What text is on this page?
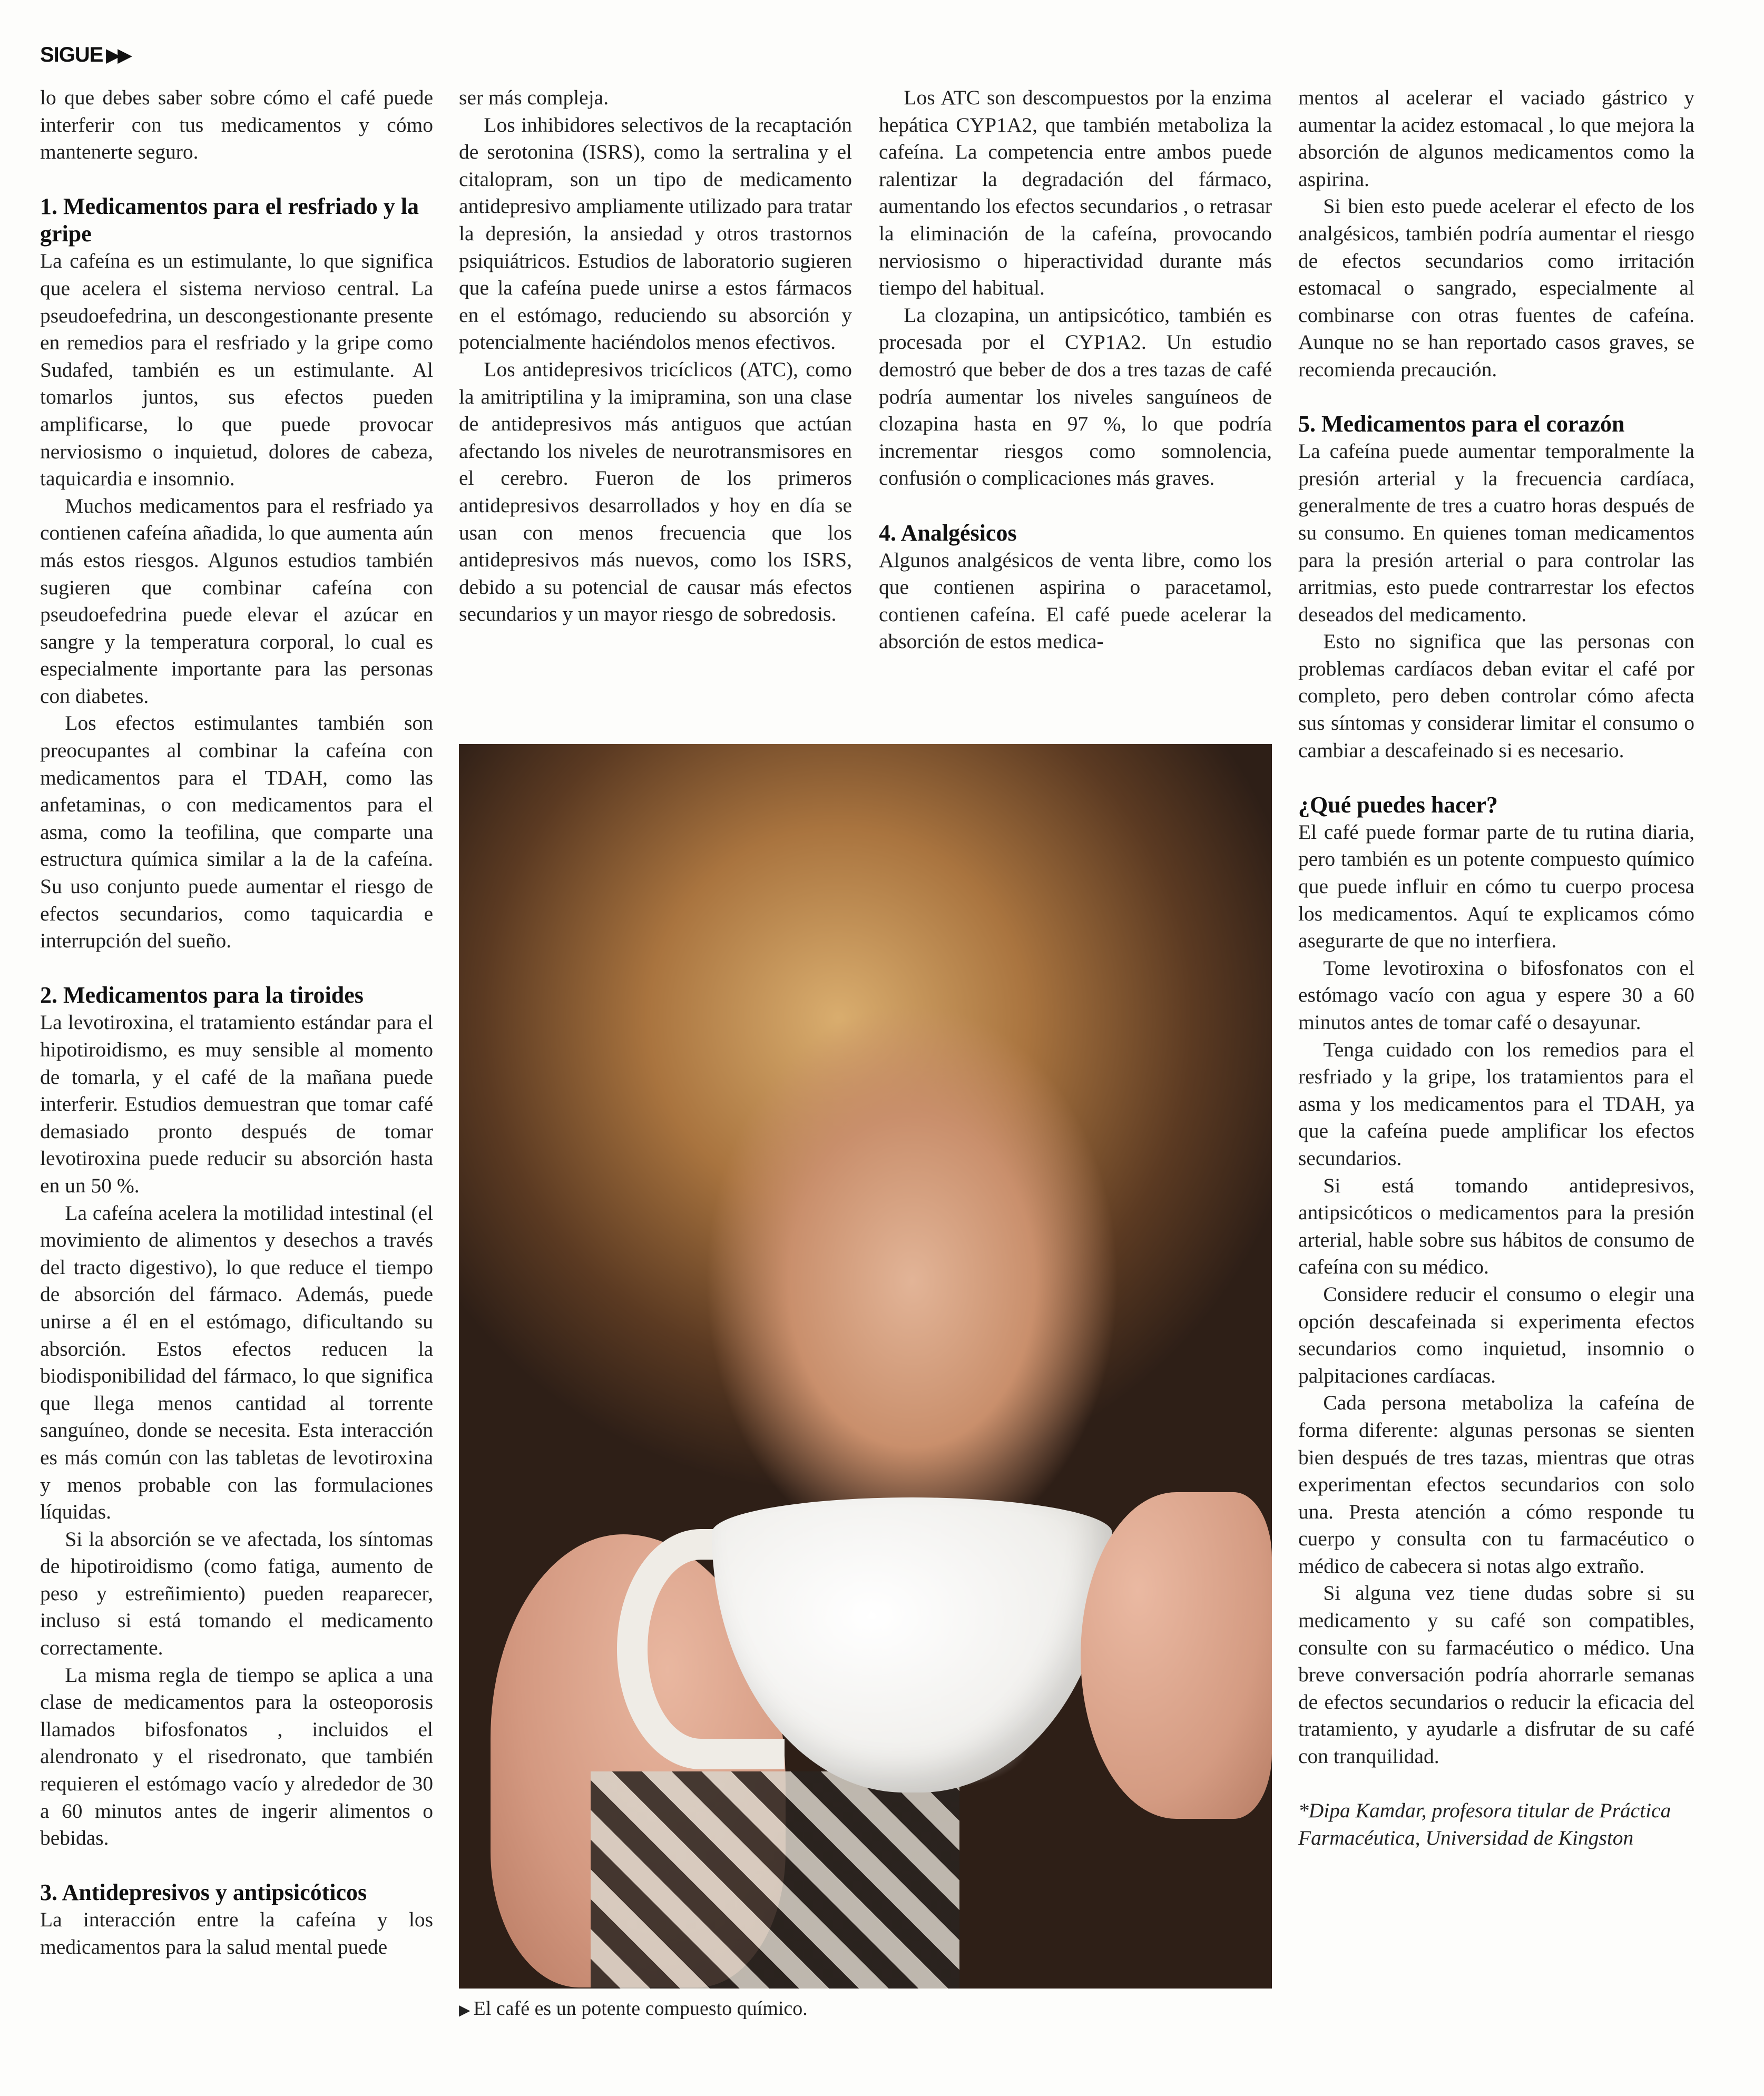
SIGUE ▶▶

lo que debes saber sobre cómo el café puede interferir con tus medicamentos y cómo mantenerte seguro.

1. Medicamentos para el resfriado y la gripe

La cafeína es un estimulante, lo que significa que acelera el sistema nervioso central. La pseudoefedrina, un descongestionante presente en remedios para el resfriado y la gripe como Sudafed, también es un estimulante. Al tomarlos juntos, sus efectos pueden amplificarse, lo que puede provocar nerviosismo o inquietud, dolores de cabeza, taquicardia e insomnio.

Muchos medicamentos para el resfriado ya contienen cafeína añadida, lo que aumenta aún más estos riesgos. Algunos estudios también sugieren que combinar cafeína con pseudoefedrina puede elevar el azúcar en sangre y la temperatura corporal, lo cual es especialmente importante para las personas con diabetes.

Los efectos estimulantes también son preocupantes al combinar la cafeína con medicamentos para el TDAH, como las anfetaminas, o con medicamentos para el asma, como la teofilina, que comparte una estructura química similar a la de la cafeína. Su uso conjunto puede aumentar el riesgo de efectos secundarios, como taquicardia e interrupción del sueño.

2. Medicamentos para la tiroides

La levotiroxina, el tratamiento estándar para el hipotiroidismo, es muy sensible al momento de tomarla, y el café de la mañana puede interferir. Estudios demuestran que tomar café demasiado pronto después de tomar levotiroxina puede reducir su absorción hasta en un 50 %.

La cafeína acelera la motilidad intestinal (el movimiento de alimentos y desechos a través del tracto digestivo), lo que reduce el tiempo de absorción del fármaco. Además, puede unirse a él en el estómago, dificultando su absorción. Estos efectos reducen la biodisponibilidad del fármaco, lo que significa que llega menos cantidad al torrente sanguíneo, donde se necesita. Esta interacción es más común con las tabletas de levotiroxina y menos probable con las formulaciones líquidas.

Si la absorción se ve afectada, los síntomas de hipotiroidismo (como fatiga, aumento de peso y estreñimiento) pueden reaparecer, incluso si está tomando el medicamento correctamente.

La misma regla de tiempo se aplica a una clase de medicamentos para la osteoporosis llamados bifosfonatos , incluidos el alendronato y el risedronato, que también requieren el estómago vacío y alrededor de 30 a 60 minutos antes de ingerir alimentos o bebidas.

3. Antidepresivos y antipsicóticos

La interacción entre la cafeína y los medicamentos para la salud mental puede

ser más compleja.

Los inhibidores selectivos de la recaptación de serotonina (ISRS), como la sertralina y el citalopram, son un tipo de medicamento antidepresivo ampliamente utilizado para tratar la depresión, la ansiedad y otros trastornos psiquiátricos. Estudios de laboratorio sugieren que la cafeína puede unirse a estos fármacos en el estómago, reduciendo su absorción y potencialmente haciéndolos menos efectivos.

Los antidepresivos tricíclicos (ATC), como la amitriptilina y la imipramina, son una clase de antidepresivos más antiguos que actúan afectando los niveles de neurotransmisores en el cerebro. Fueron de los primeros antidepresivos desarrollados y hoy en día se usan con menos frecuencia que los antidepresivos más nuevos, como los ISRS, debido a su potencial de causar más efectos secundarios y un mayor riesgo de sobredosis.

Los ATC son descompuestos por la enzima hepática CYP1A2, que también metaboliza la cafeína. La competencia entre ambos puede ralentizar la degradación del fármaco, aumentando los efectos secundarios , o retrasar la eliminación de la cafeína, provocando nerviosismo o hiperactividad durante más tiempo del habitual.

La clozapina, un antipsicótico, también es procesada por el CYP1A2. Un estudio demostró que beber de dos a tres tazas de café podría aumentar los niveles sanguíneos de clozapina hasta en 97 %, lo que podría incrementar riesgos como somnolencia, confusión o complicaciones más graves.

4. Analgésicos

Algunos analgésicos de venta libre, como los que contienen aspirina o paracetamol, contienen cafeína. El café puede acelerar la absorción de estos medica-

mentos al acelerar el vaciado gástrico y aumentar la acidez estomacal , lo que mejora la absorción de algunos medicamentos como la aspirina.

Si bien esto puede acelerar el efecto de los analgésicos, también podría aumentar el riesgo de efectos secundarios como irritación estomacal o sangrado, especialmente al combinarse con otras fuentes de cafeína. Aunque no se han reportado casos graves, se recomienda precaución.

5. Medicamentos para el corazón

La cafeína puede aumentar temporalmente la presión arterial y la frecuencia cardíaca, generalmente de tres a cuatro horas después de su consumo. En quienes toman medicamentos para la presión arterial o para controlar las arritmias, esto puede contrarrestar los efectos deseados del medicamento.

Esto no significa que las personas con problemas cardíacos deban evitar el café por completo, pero deben controlar cómo afecta sus síntomas y considerar limitar el consumo o cambiar a descafeinado si es necesario.

¿Qué puedes hacer?

El café puede formar parte de tu rutina diaria, pero también es un potente compuesto químico que puede influir en cómo tu cuerpo procesa los medicamentos. Aquí te explicamos cómo asegurarte de que no interfiera.

Tome levotiroxina o bifosfonatos con el estómago vacío con agua y espere 30 a 60 minutos antes de tomar café o desayunar.

Tenga cuidado con los remedios para el resfriado y la gripe, los tratamientos para el asma y los medicamentos para el TDAH, ya que la cafeína puede amplificar los efectos secundarios.

Si está tomando antidepresivos, antipsicóticos o medicamentos para la presión arterial, hable sobre sus hábitos de consumo de cafeína con su médico.

Considere reducir el consumo o elegir una opción descafeinada si experimenta efectos secundarios como inquietud, insomnio o palpitaciones cardíacas.

Cada persona metaboliza la cafeína de forma diferente: algunas personas se sienten bien después de tres tazas, mientras que otras experimentan efectos secundarios con solo una. Presta atención a cómo responde tu cuerpo y consulta con tu farmacéutico o médico de cabecera si notas algo extraño.

Si alguna vez tiene dudas sobre si su medicamento y su café son compatibles, consulte con su farmacéutico o médico. Una breve conversación podría ahorrarle semanas de efectos secundarios o reducir la eficacia del tratamiento, y ayudarle a disfrutar de su café con tranquilidad.

*Dipa Kamdar, profesora titular de Práctica Farmacéutica, Universidad de Kingston

▶ El café es un potente compuesto químico.
